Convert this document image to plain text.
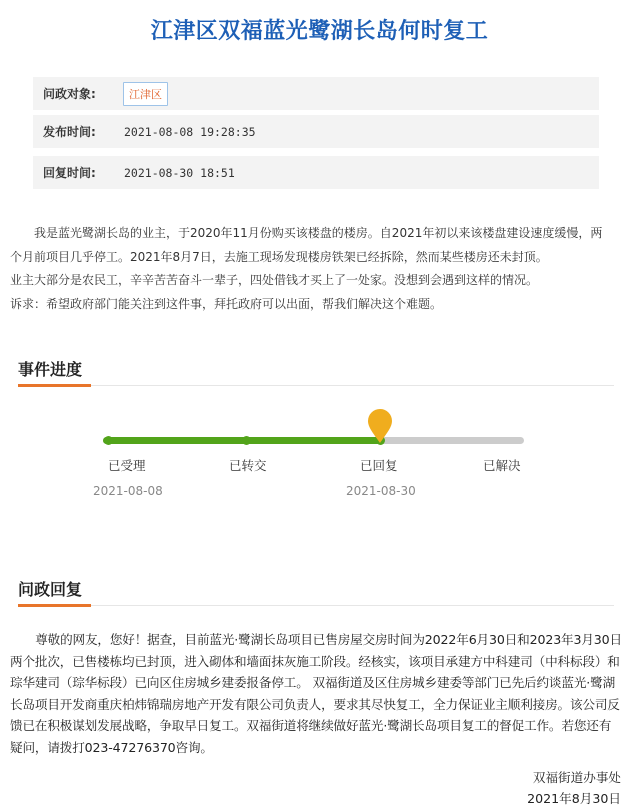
江津区双福蓝光鹭湖长岛何时复工
问政对象:	江津区
发布时间:	2021-08-08 19:28:35
回复时间:	2021-08-30 18:51

我是蓝光鹭湖长岛的业主，于2020年11月份购买该楼盘的楼房。自2021年初以来该楼盘建设速度缓慢，两个月前项目几乎停工。2021年8月7日，去施工现场发现楼房铁架已经拆除，然而某些楼房还未封顶。

业主大部分是农民工，辛辛苦苦奋斗一辈子，四处借钱才买上了一处家。没想到会遇到这样的情况。

诉求：希望政府部门能关注到这件事，拜托政府可以出面，帮我们解决这个难题。

事件进度
已受理	已转交	已回复	已解决
2021-08-08	2021-08-30
问政回复

尊敬的网友，您好！据查，目前蓝光·鹭湖长岛项目已售房屋交房时间为2022年6月30日和2023年3月30日两个批次，已售楼栋均已封顶，进入砌体和墙面抹灰施工阶段。经核实，该项目承建方中科建司（中科标段）和琮华建司（琮华标段）已向区住房城乡建委报备停工。 双福街道及区住房城乡建委等部门已先后约谈蓝光·鹭湖长岛项目开发商重庆柏炜锦瑞房地产开发有限公司负责人，要求其尽快复工，全力保证业主顺利接房。该公司反馈已在积极谋划发展战略，争取早日复工。双福街道将继续做好蓝光·鹭湖长岛项目复工的督促工作。若您还有疑问，请拨打023-47276370咨询。

双福街道办事处
2021年8月30日
